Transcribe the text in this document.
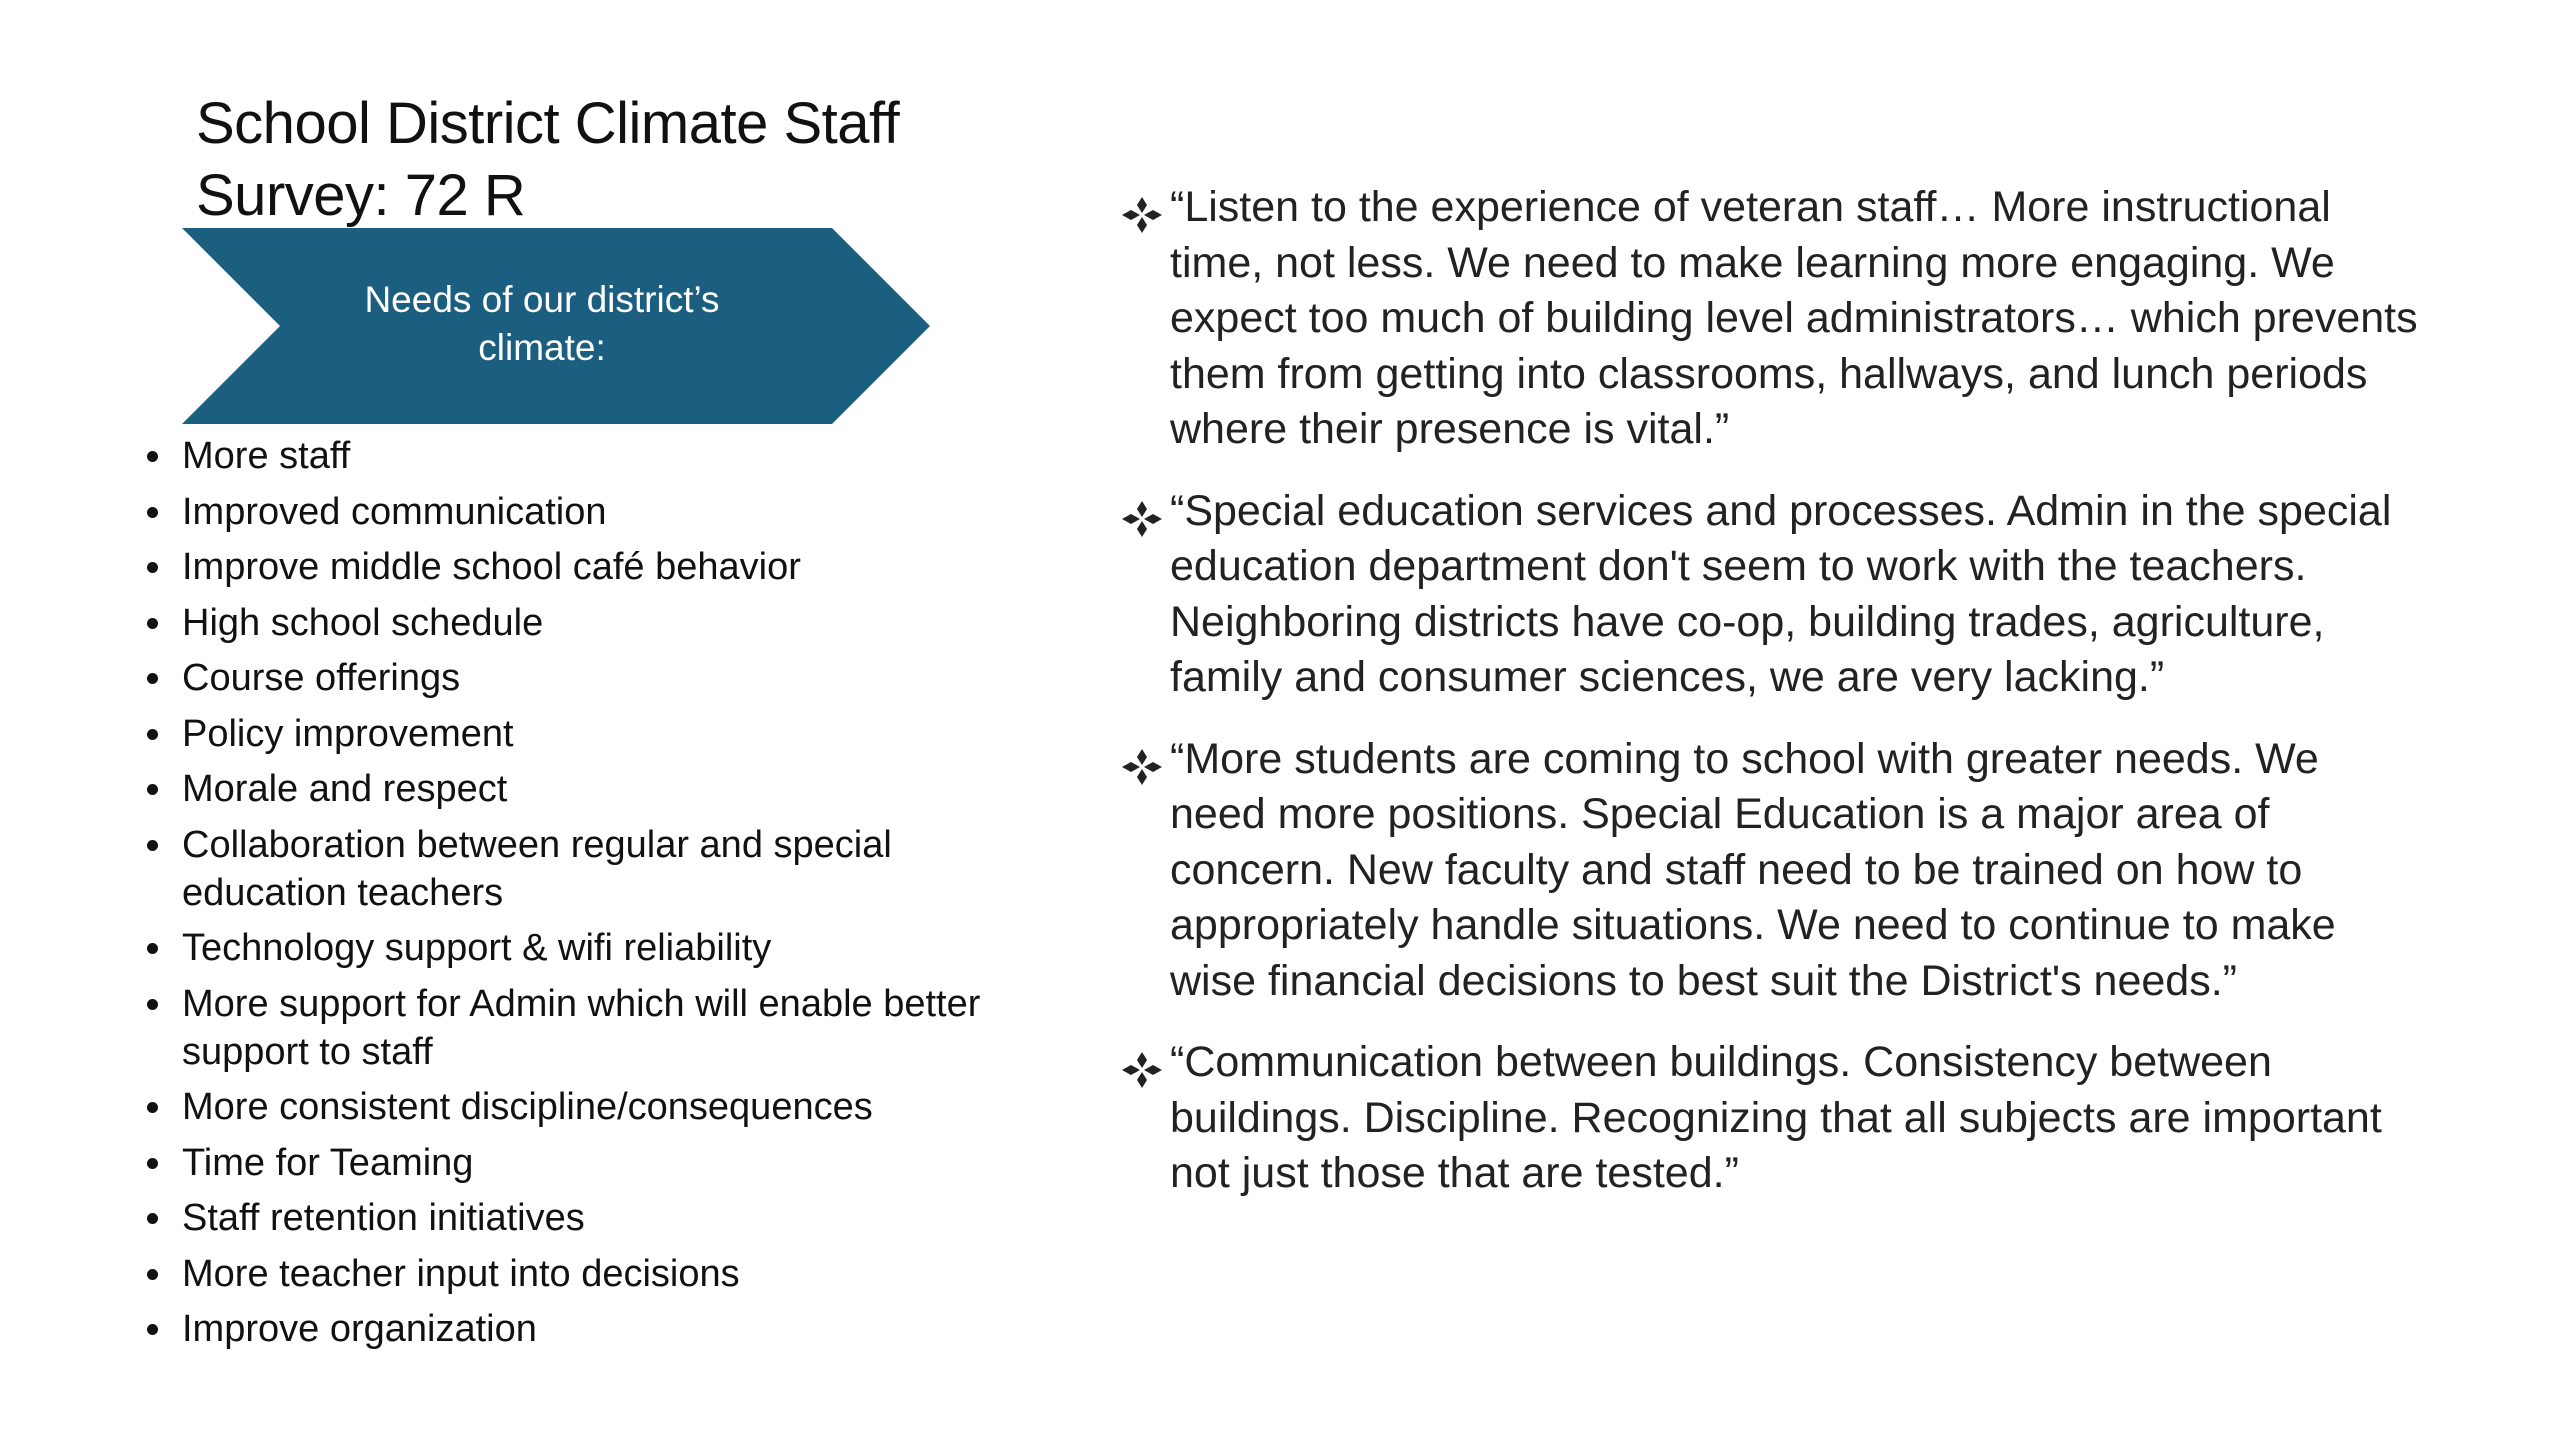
School District Climate Staff
Survey: 72 R
Needs of our district’s climate:
More staff
Improved communication
Improve middle school café behavior
High school schedule
Course offerings
Policy improvement
Morale and respect
Collaboration between regular and special education teachers
Technology support & wifi reliability
More support for Admin which will enable better support to staff
More consistent discipline/consequences
Time for Teaming
Staff retention initiatives
More teacher input into decisions
Improve organization
“Listen to the experience of veteran staff… More instructional time, not less. We need to make learning more engaging. We expect too much of building level administrators… which prevents them from getting into classrooms, hallways, and lunch periods where their presence is vital.”
“Special education services and processes. Admin in the special education department don't seem to work with the teachers. Neighboring districts have co-op, building trades, agriculture, family and consumer sciences, we are very lacking.”
“More students are coming to school with greater needs. We need more positions. Special Education is a major area of concern. New faculty and staff need to be trained on how to appropriately handle situations. We need to continue to make wise financial decisions to best suit the District's needs.”
“Communication between buildings. Consistency between buildings. Discipline. Recognizing that all subjects are important not just those that are tested.”
